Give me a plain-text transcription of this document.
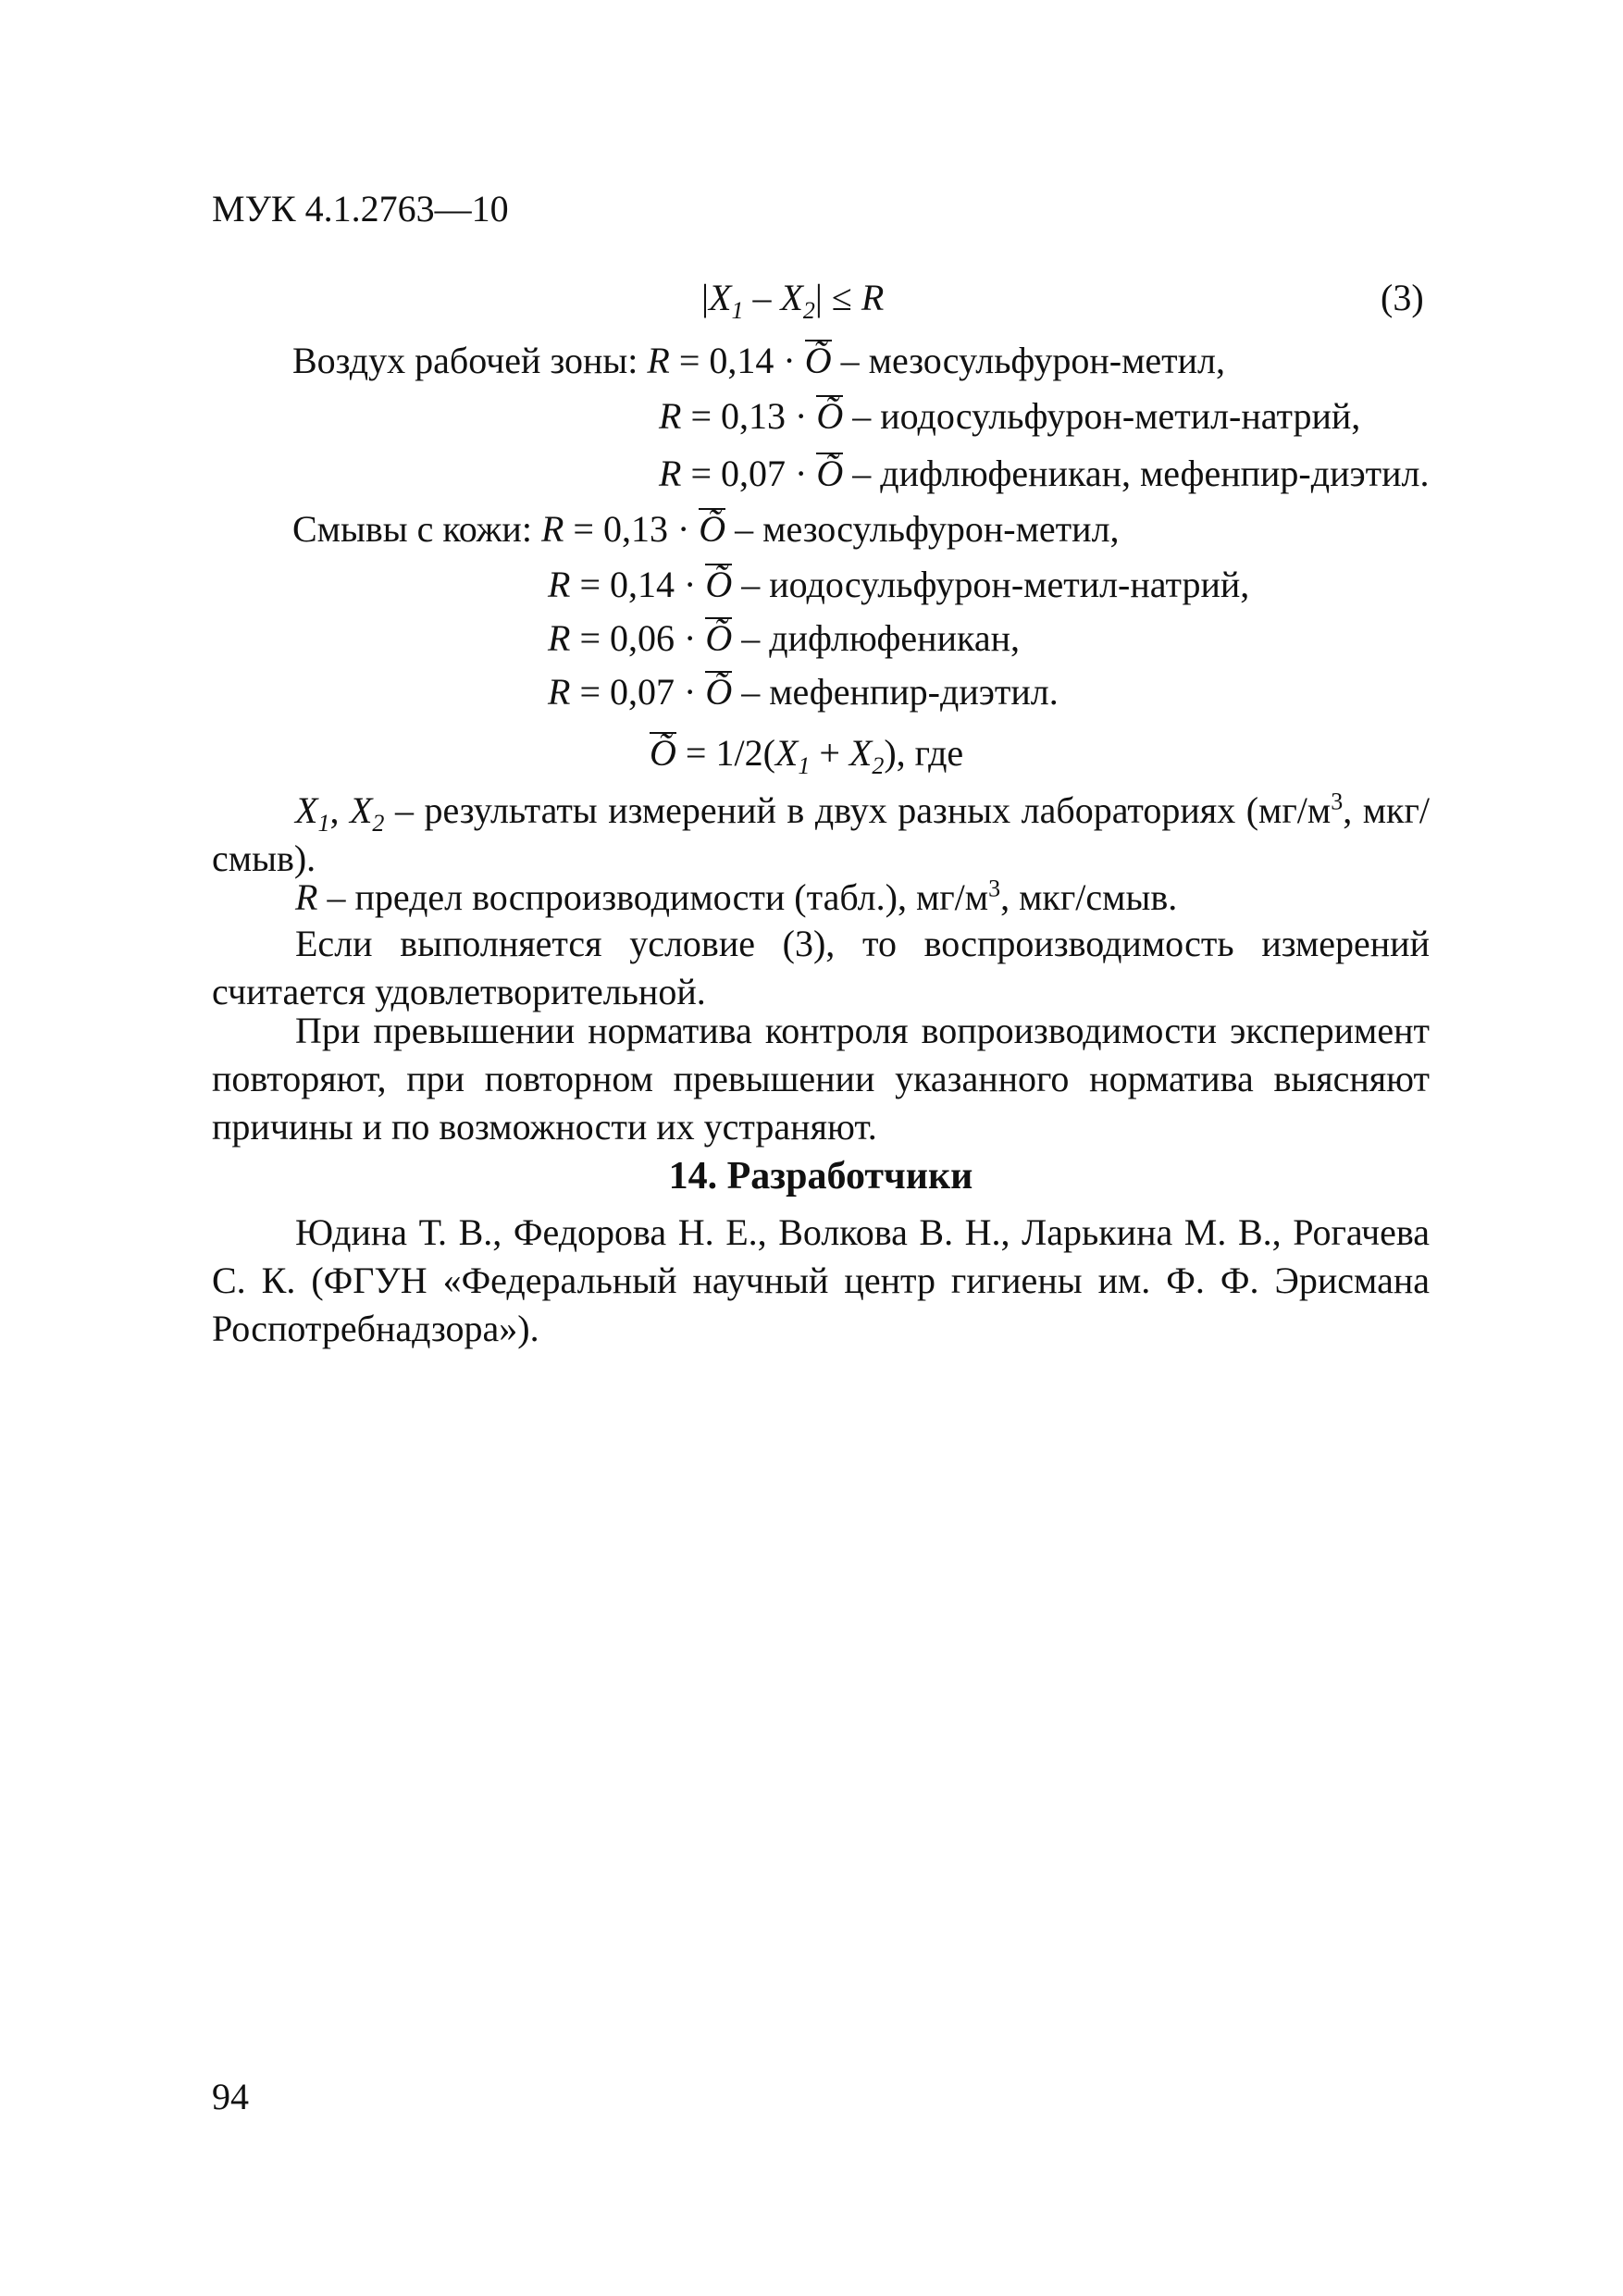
МУК 4.1.2763—10
$|X_1 - X_2| \le R$	(3)
Воздух рабочей зоны: R = 0,14 · Õ – мезосульфурон-метил,
R = 0,13 · Õ – иодосульфурон-метил-натрий,
R = 0,07 · Õ – дифлюфеникан, мефенпир-диэтил.
Смывы с кожи: R = 0,13 · Õ – мезосульфурон-метил,
R = 0,14 · Õ – иодосульфурон-метил-натрий,
R = 0,06 · Õ – дифлюфеникан,
R = 0,07 · Õ – мефенпир-диэтил.
Õ = $1/2(X_1 + X_2)$, где
$X_1$, $X_2$ – результаты измерений в двух разных лабораториях ($мг/м^3$, мкг/смыв).
R – предел воспроизводимости (табл.), $мг/м^3$, мкг/смыв.
Если выполняется условие (3), то воспроизводимость измерений считается удовлетворительной.
При превышении норматива контроля вопроизводимости эксперимент повторяют, при повторном превышении указанного норматива выясняют причины и по возможности их устраняют.
14. Разработчики
Юдина Т. В., Федорова Н. Е., Волкова В. Н., Ларькина М. В., Рогачева С. К. (ФГУН «Федеральный научный центр гигиены им. Ф. Ф. Эрисмана Роспотребнадзора»).
94
